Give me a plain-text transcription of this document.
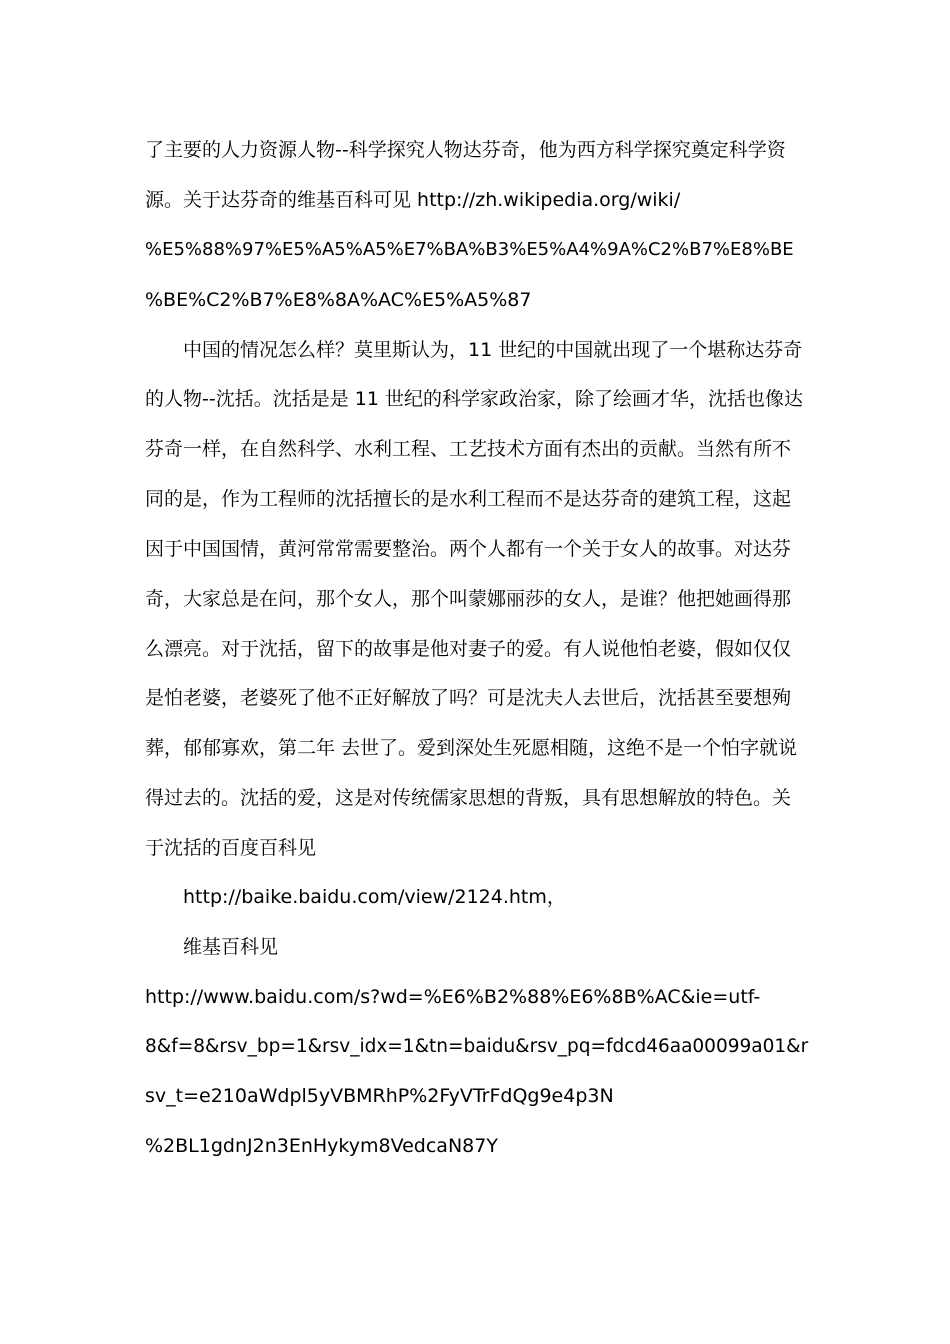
了主要的人力资源人物--科学探究人物达芬奇，他为西方科学探究奠定科学资
源。关于达芬奇的维基百科可见 http://zh.wikipedia.org/wiki/
%E5%88%97%E5%A5%A5%E7%BA%B3%E5%A4%9A%C2%B7%E8%BE
%BE%C2%B7%E8%8A%AC%E5%A5%87
中国的情况怎么样？莫里斯认为，11 世纪的中国就出现了一个堪称达芬奇
的人物--沈括。沈括是是 11 世纪的科学家政治家，除了绘画才华，沈括也像达
芬奇一样，在自然科学、水利工程、工艺技术方面有杰出的贡献。当然有所不
同的是，作为工程师的沈括擅长的是水利工程而不是达芬奇的建筑工程，这起
因于中国国情，黄河常常需要整治。两个人都有一个关于女人的故事。对达芬
奇，大家总是在问，那个女人，那个叫蒙娜丽莎的女人，是谁？他把她画得那
么漂亮。对于沈括，留下的故事是他对妻子的爱。有人说他怕老婆，假如仅仅
是怕老婆，老婆死了他不正好解放了吗？可是沈夫人去世后，沈括甚至要想殉
葬，郁郁寡欢，第二年 去世了。爱到深处生死愿相随，这绝不是一个怕字就说
得过去的。沈括的爱，这是对传统儒家思想的背叛，具有思想解放的特色。关
于沈括的百度百科见
http://baike.baidu.com/view/2124.htm，
维基百科见
http://www.baidu.com/s?wd=%E6%B2%88%E6%8B%AC&ie=utf-
8&f=8&rsv_bp=1&rsv_idx=1&tn=baidu&rsv_pq=fdcd46aa00099a01&r
sv_t=e210aWdpl5yVBMRhP%2FyVTrFdQg9e4p3N
%2BL1gdnJ2n3EnHykym8VedcaN87Y
